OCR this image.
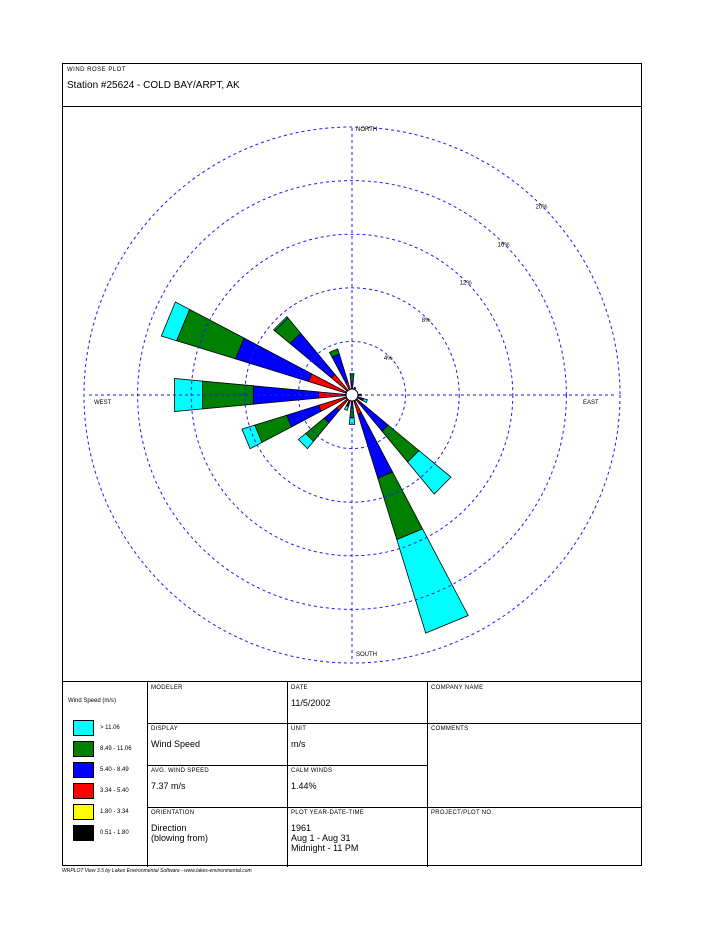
WIND ROSE PLOT
Station #25624 - COLD BAY/ARPT, AK
NORTH
SOUTH
WEST	EAST
4%
8%
12%
16%
20%
Wind Speed (m/s)
> 11.06
8.49 - 11.06
5.40 - 8.49
3.34 - 5.40
1.80 - 3.34
0.51 - 1.80
MODELER	DATE
11/5/2002
COMPANY NAME
DISPLAY
Wind Speed
UNIT
m/s
COMMENTS
AVG. WIND SPEED
7.37 m/s
CALM WINDS
1.44%
ORIENTATION
Direction
(blowing from)
PLOT YEAR-DATE-TIME
1961
Aug 1 - Aug 31
Midnight - 11 PM
PROJECT/PLOT NO.
WRPLOT View 3.5 by Lakes Environmental Software - www.lakes-environmental.com
